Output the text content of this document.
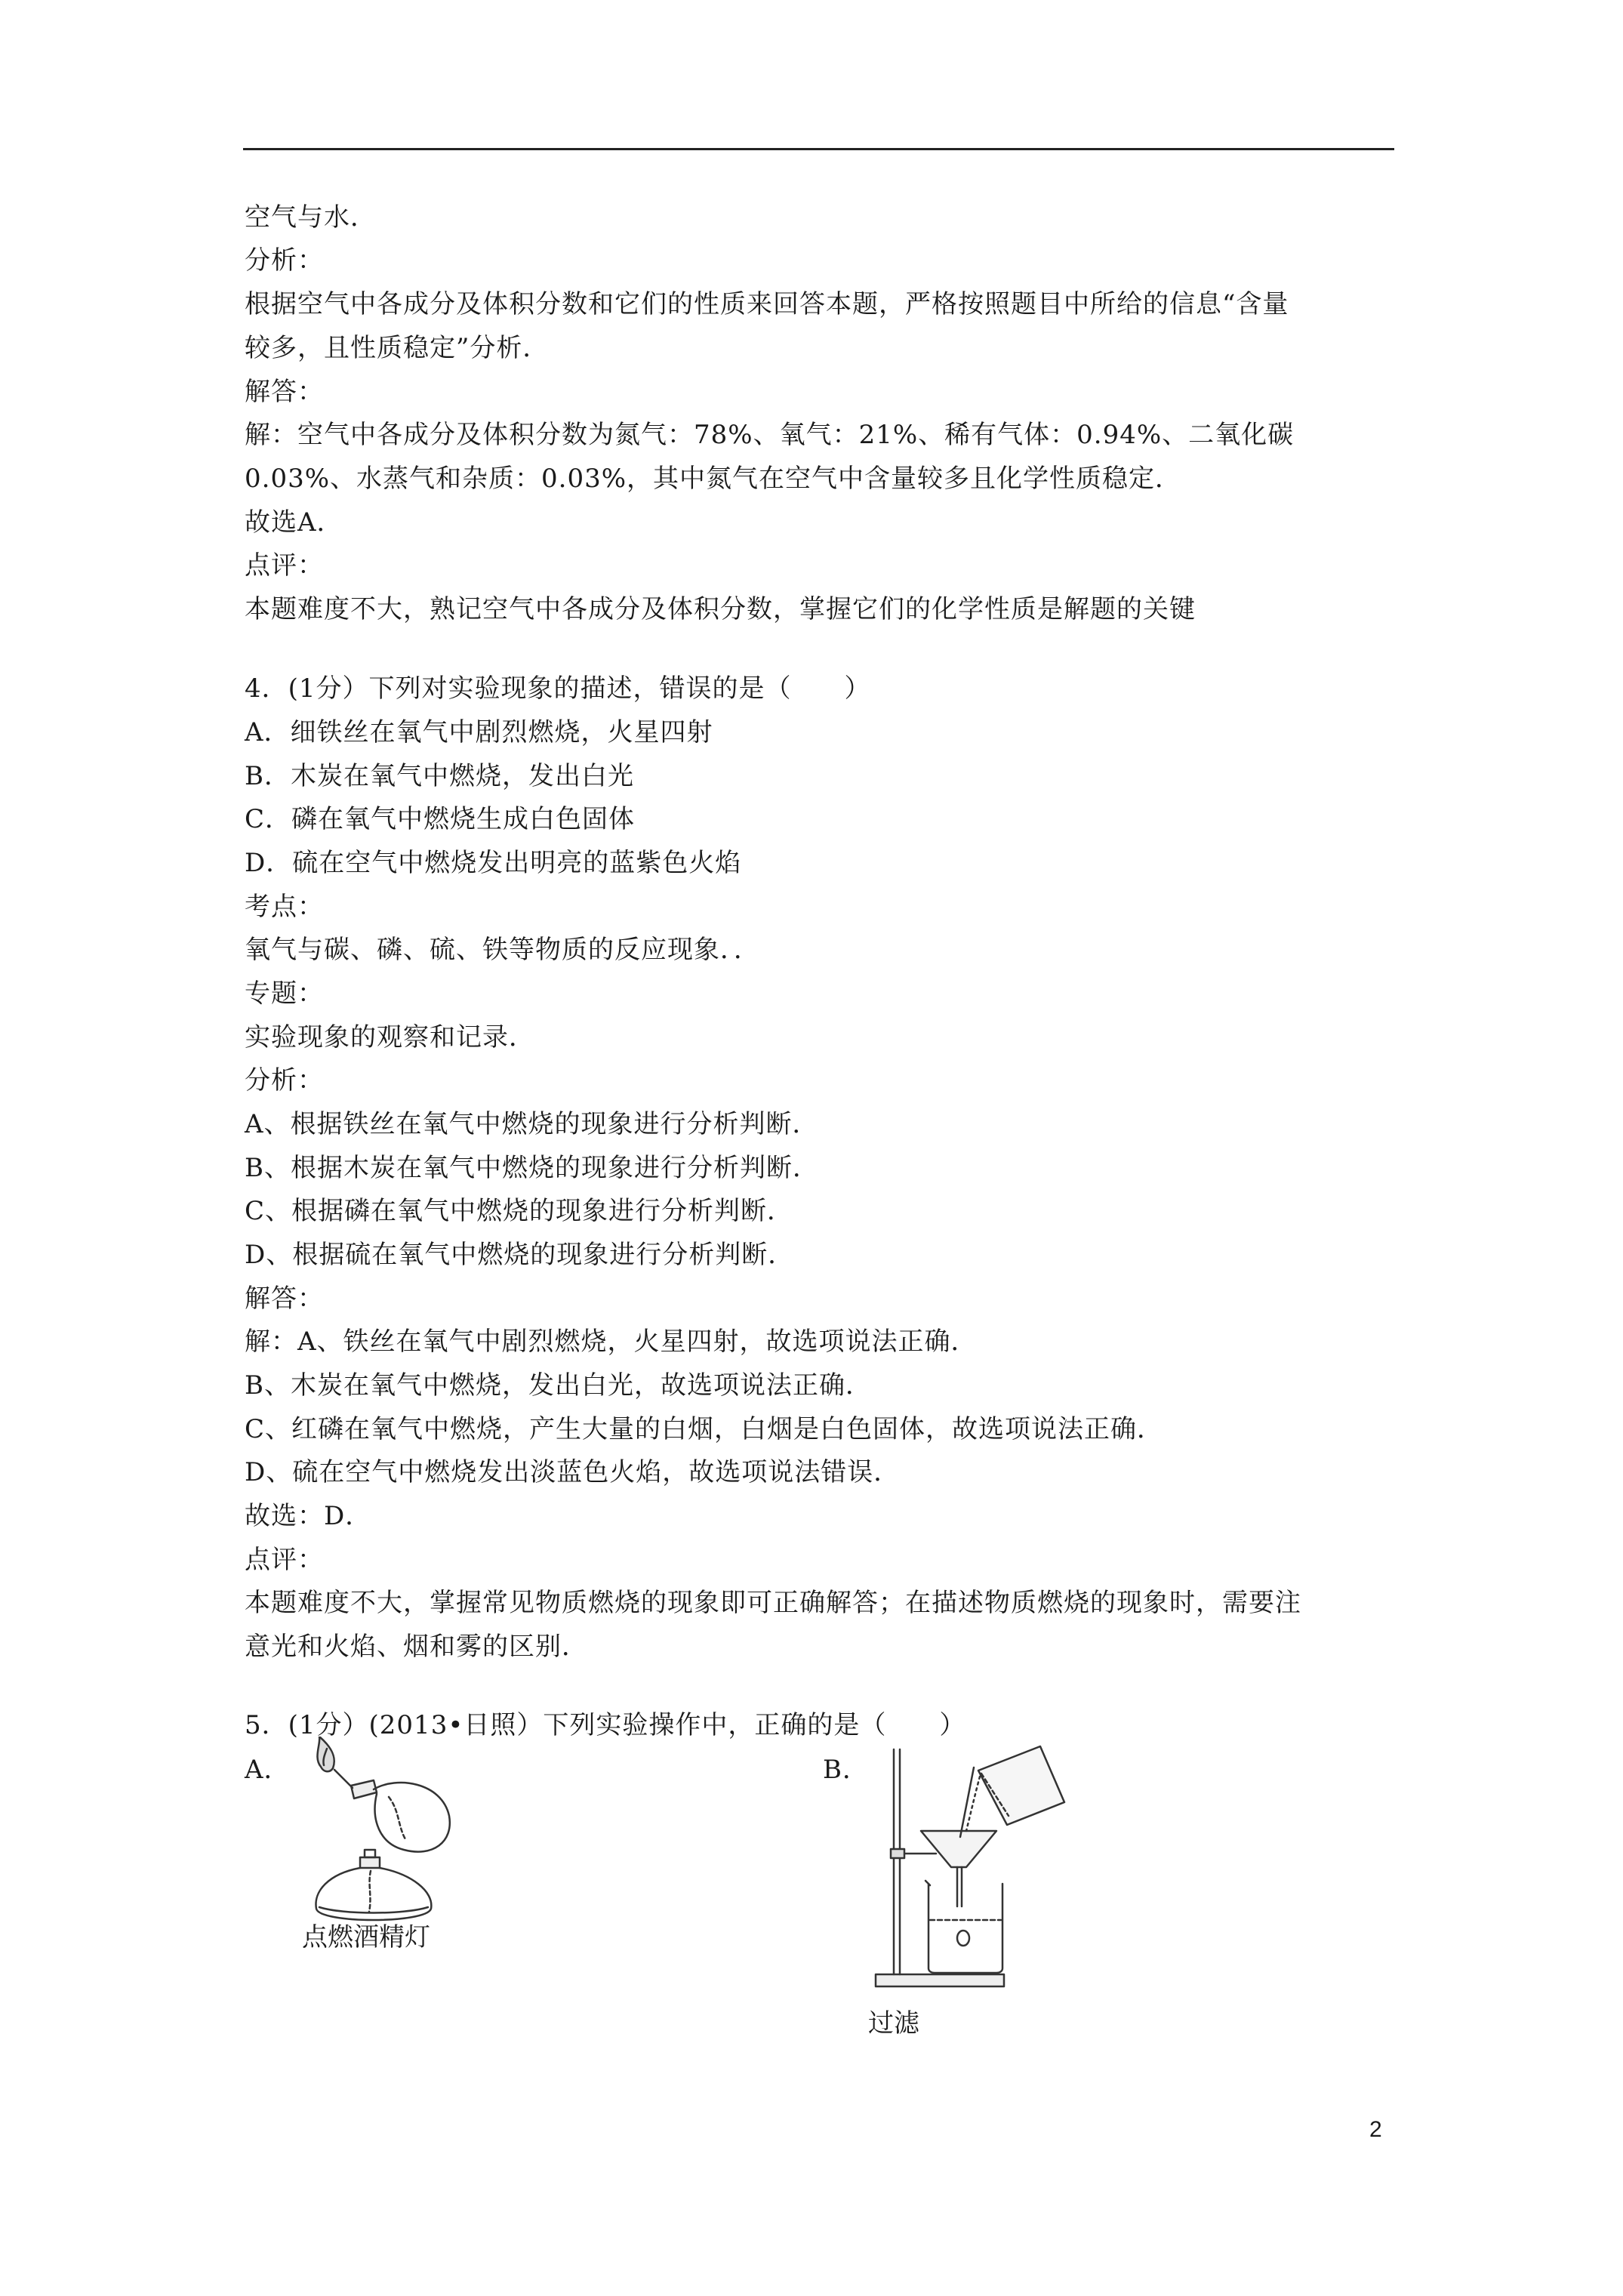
空气与水．
分析：
根据空气中各成分及体积分数和它们的性质来回答本题，严格按照题目中所给的信息“含量
较多，且性质稳定”分析．
解答：
解：空气中各成分及体积分数为氮气：78%、氧气：21%、稀有气体：0.94%、二氧化碳
0.03%、水蒸气和杂质：0.03%，其中氮气在空气中含量较多且化学性质稳定．
故选A．
点评：
本题难度不大，熟记空气中各成分及体积分数，掌握它们的化学性质是解题的关键
4．(1分）下列对实验现象的描述，错误的是（　　）
A．细铁丝在氧气中剧烈燃烧，火星四射
B．木炭在氧气中燃烧，发出白光
C．磷在氧气中燃烧生成白色固体
D．硫在空气中燃烧发出明亮的蓝紫色火焰
考点：
氧气与碳、磷、硫、铁等物质的反应现象．．
专题：
实验现象的观察和记录．
分析：
A、根据铁丝在氧气中燃烧的现象进行分析判断．
B、根据木炭在氧气中燃烧的现象进行分析判断．
C、根据磷在氧气中燃烧的现象进行分析判断．
D、根据硫在氧气中燃烧的现象进行分析判断．
解答：
解：A、铁丝在氧气中剧烈燃烧，火星四射，故选项说法正确．
B、木炭在氧气中燃烧，发出白光，故选项说法正确．
C、红磷在氧气中燃烧，产生大量的白烟，白烟是白色固体，故选项说法正确．
D、硫在空气中燃烧发出淡蓝色火焰，故选项说法错误．
故选：D．
点评：
本题难度不大，掌握常见物质燃烧的现象即可正确解答；在描述物质燃烧的现象时，需要注
意光和火焰、烟和雾的区别．
5．(1分）(2013•日照）下列实验操作中，正确的是（　　）
A．
点燃酒精灯
B．
过滤
2
